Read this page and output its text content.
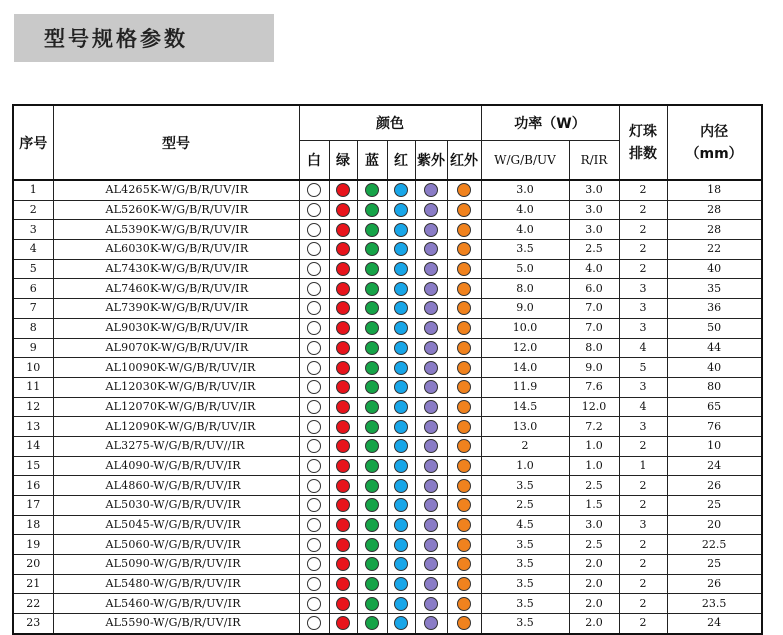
型号规格参数
序号	型号	颜色						功率（W）		灯珠排数	内径（mm）
		白	绿	蓝	红	紫外	红外	W/G/B/UV	R/IR		
1	AL4265K-W/G/B/R/UV/IR							3.0	3.0	2	18
2	AL5260K-W/G/B/R/UV/IR							4.0	3.0	2	28
3	AL5390K-W/G/B/R/UV/IR							4.0	3.0	2	28
4	AL6030K-W/G/B/R/UV/IR							3.5	2.5	2	22
5	AL7430K-W/G/B/R/UV/IR							5.0	4.0	2	40
6	AL7460K-W/G/B/R/UV/IR							8.0	6.0	3	35
7	AL7390K-W/G/B/R/UV/IR							9.0	7.0	3	36
8	AL9030K-W/G/B/R/UV/IR							10.0	7.0	3	50
9	AL9070K-W/G/B/R/UV/IR							12.0	8.0	4	44
10	AL10090K-W/G/B/R/UV/IR							14.0	9.0	5	40
11	AL12030K-W/G/B/R/UV/IR							11.9	7.6	3	80
12	AL12070K-W/G/B/R/UV/IR							14.5	12.0	4	65
13	AL12090K-W/G/B/R/UV/IR							13.0	7.2	3	76
14	AL3275-W/G/B/R/UV//IR							2	1.0	2	10
15	AL4090-W/G/B/R/UV/IR							1.0	1.0	1	24
16	AL4860-W/G/B/R/UV/IR							3.5	2.5	2	26
17	AL5030-W/G/B/R/UV/IR							2.5	1.5	2	25
18	AL5045-W/G/B/R/UV/IR							4.5	3.0	3	20
19	AL5060-W/G/B/R/UV/IR							3.5	2.5	2	22.5
20	AL5090-W/G/B/R/UV/IR							3.5	2.0	2	25
21	AL5480-W/G/B/R/UV/IR							3.5	2.0	2	26
22	AL5460-W/G/B/R/UV/IR							3.5	2.0	2	23.5
23	AL5590-W/G/B/R/UV/IR							3.5	2.0	2	24
